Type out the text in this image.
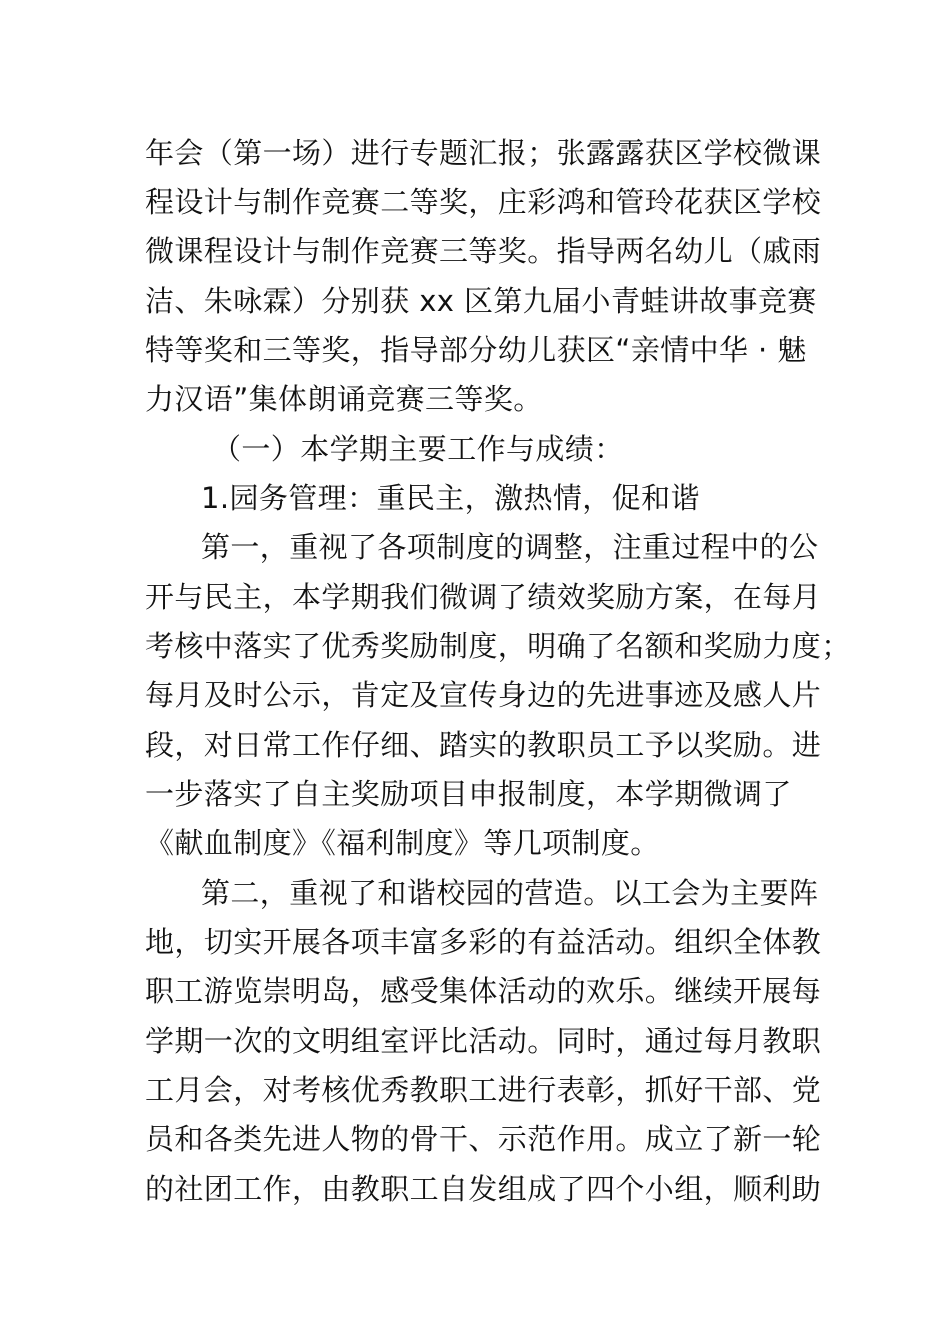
年会（第一场）进行专题汇报；张露露获区学校微课
程设计与制作竞赛二等奖，庄彩鸿和管玲花获区学校
微课程设计与制作竞赛三等奖。指导两名幼儿（戚雨
洁、朱咏霖）分别获 xx 区第九届小青蛙讲故事竞赛
特等奖和三等奖，指导部分幼儿获区“亲情中华 · 魅
力汉语”集体朗诵竞赛三等奖。
（一）本学期主要工作与成绩：
1.园务管理：重民主，激热情，促和谐
第一，重视了各项制度的调整，注重过程中的公
开与民主，本学期我们微调了绩效奖励方案，在每月
考核中落实了优秀奖励制度，明确了名额和奖励力度；
每月及时公示，肯定及宣传身边的先进事迹及感人片
段，对日常工作仔细、踏实的教职员工予以奖励。进
一步落实了自主奖励项目申报制度，本学期微调了
《献血制度》《福利制度》等几项制度。
第二，重视了和谐校园的营造。以工会为主要阵
地，切实开展各项丰富多彩的有益活动。组织全体教
职工游览崇明岛，感受集体活动的欢乐。继续开展每
学期一次的文明组室评比活动。同时，通过每月教职
工月会，对考核优秀教职工进行表彰，抓好干部、党
员和各类先进人物的骨干、示范作用。成立了新一轮
的社团工作，由教职工自发组成了四个小组，顺利助
